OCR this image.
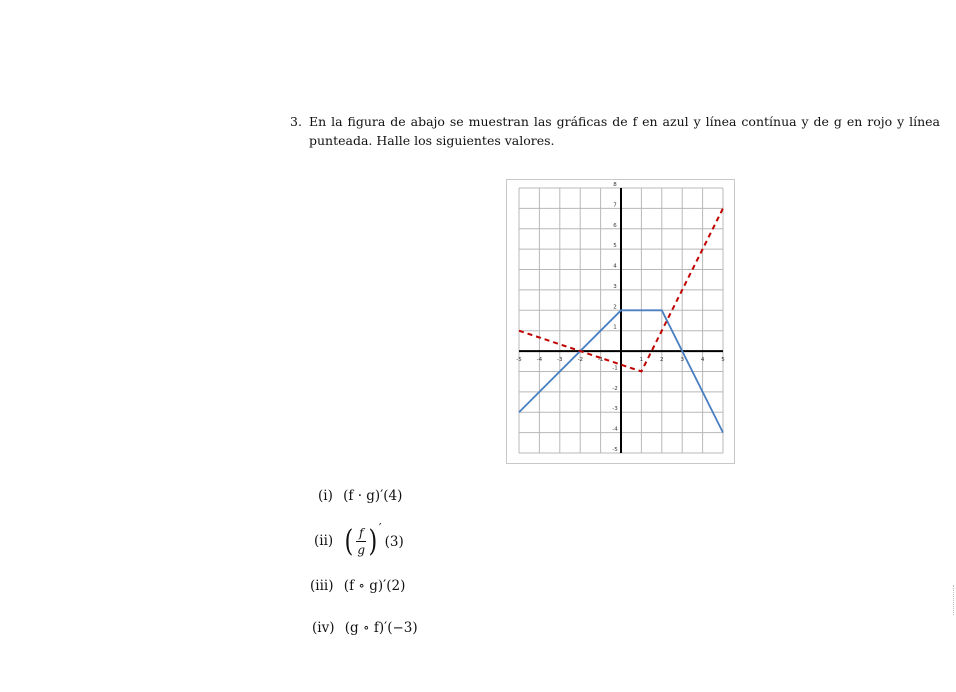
3. En la figura de abajo se muestran las gráficas de f en azul y línea contínua y de g en rojo y línea punteada. Halle los siguientes valores.
-5	-4	-3	-2	-1	1	2	3	4	5
8
7
6
5
4
3
2
1
-1
-2
-3
-4
-5
(i) (f · g)′(4)
(ii) ( $\frac{f}{g}$ ) ′
(3)
(iii) (f ∘ g)′(2)
(iv) (g ∘ f)′(−3)
